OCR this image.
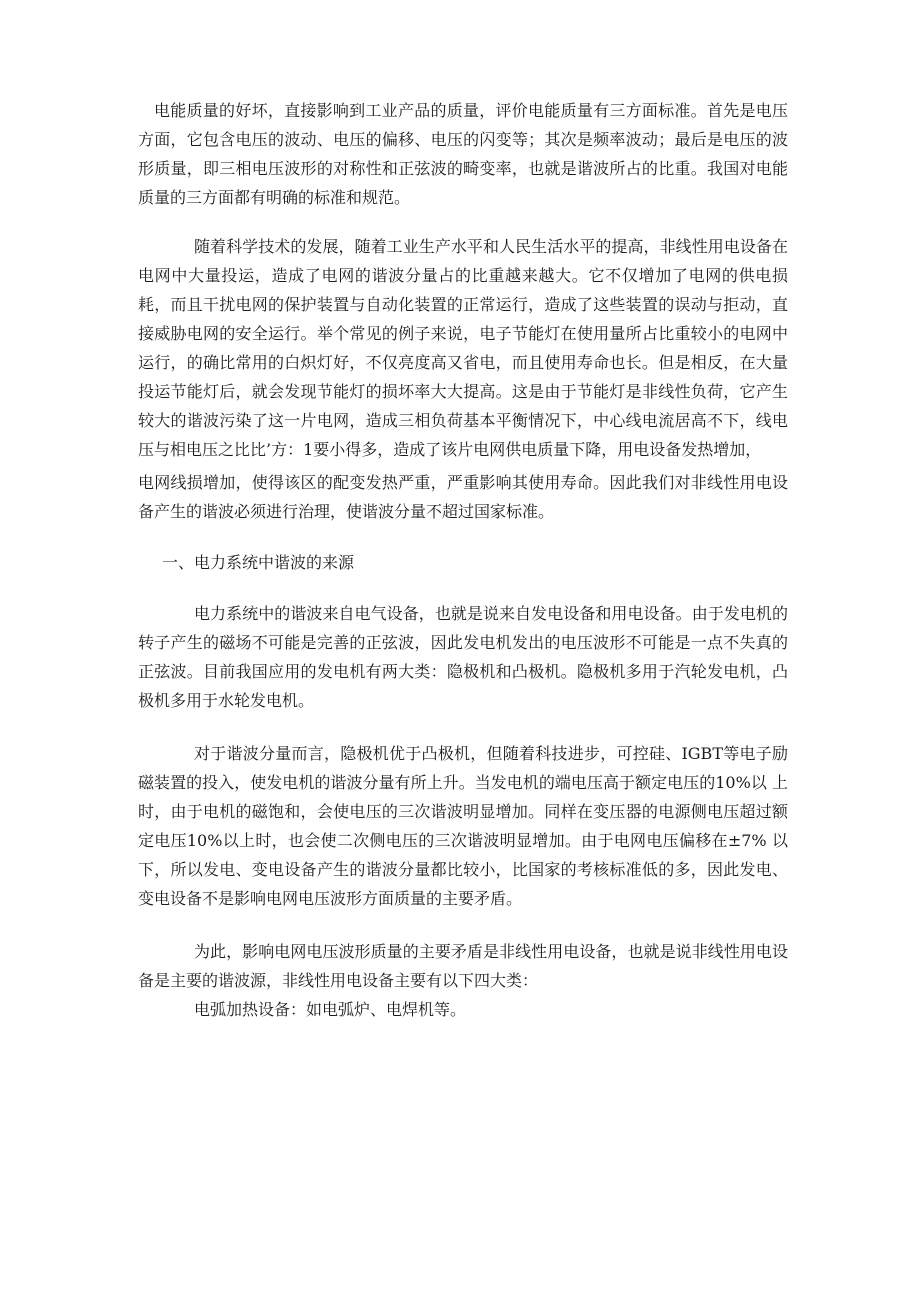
电能质量的好坏，直接影响到工业产品的质量，评价电能质量有三方面标准。首先是电压方面，它包含电压的波动、电压的偏移、电压的闪变等；其次是频率波动；最后是电压的波形质量，即三相电压波形的对称性和正弦波的畸变率，也就是谐波所占的比重。我国对电能质量的三方面都有明确的标准和规范。

随着科学技术的发展，随着工业生产水平和人民生活水平的提高，非线性用电设备在电网中大量投运，造成了电网的谐波分量占的比重越来越大。它不仅增加了电网的供电损耗，而且干扰电网的保护装置与自动化装置的正常运行，造成了这些装置的误动与拒动，直接威胁电网的安全运行。举个常见的例子来说，电子节能灯在使用量所占比重较小的电网中运行，的确比常用的白炽灯好，不仅亮度高又省电，而且使用寿命也长。但是相反，在大量投运节能灯后，就会发现节能灯的损坏率大大提高。这是由于节能灯是非线性负荷，它产生较大的谐波污染了这一片电网，造成三相负荷基本平衡情况下，中心线电流居高不下，线电压与相电压之比比’方：1要小得多，造成了该片电网供电质量下降，用电设备发热增加，

电网线损增加，使得该区的配变发热严重，严重影响其使用寿命。因此我们对非线性用电设备产生的谐波必须进行治理，使谐波分量不超过国家标准。

一、电力系统中谐波的来源

电力系统中的谐波来自电气设备，也就是说来自发电设备和用电设备。由于发电机的转子产生的磁场不可能是完善的正弦波，因此发电机发出的电压波形不可能是一点不失真的正弦波。目前我国应用的发电机有两大类：隐极机和凸极机。隐极机多用于汽轮发电机，凸极机多用于水轮发电机。

对于谐波分量而言，隐极机优于凸极机，但随着科技进步，可控硅、IGBT等电子励磁装置的投入，使发电机的谐波分量有所上升。当发电机的端电压高于额定电压的10%以 上时，由于电机的磁饱和，会使电压的三次谐波明显增加。同样在变压器的电源侧电压超过额定电压10%以上时，也会使二次侧电压的三次谐波明显增加。由于电网电压偏移在±7% 以下，所以发电、变电设备产生的谐波分量都比较小，比国家的考核标准低的多，因此发电、变电设备不是影响电网电压波形方面质量的主要矛盾。

为此，影响电网电压波形质量的主要矛盾是非线性用电设备，也就是说非线性用电设备是主要的谐波源，非线性用电设备主要有以下四大类：

电弧加热设备：如电弧炉、电焊机等。
